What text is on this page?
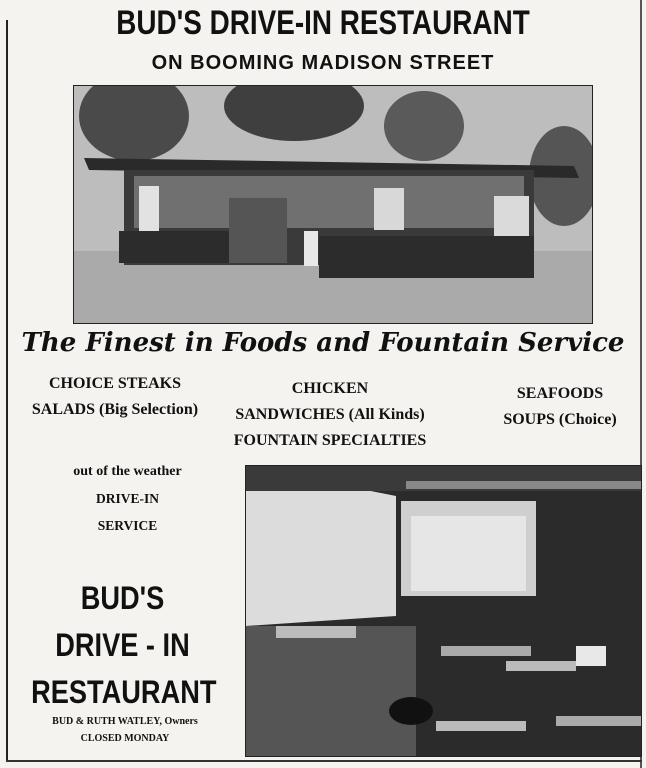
BUD'S DRIVE-IN RESTAURANT
ON BOOMING MADISON STREET
The Finest in Foods and Fountain Service
CHOICE STEAKS
SALADS (Big Selection)
CHICKEN
SANDWICHES (All Kinds)
FOUNTAIN SPECIALTIES
SEAFOODS
SOUPS (Choice)
out of the weather
DRIVE-IN
SERVICE
BUD'S
DRIVE - IN
RESTAURANT
BUD & RUTH WATLEY, Owners
CLOSED MONDAY
